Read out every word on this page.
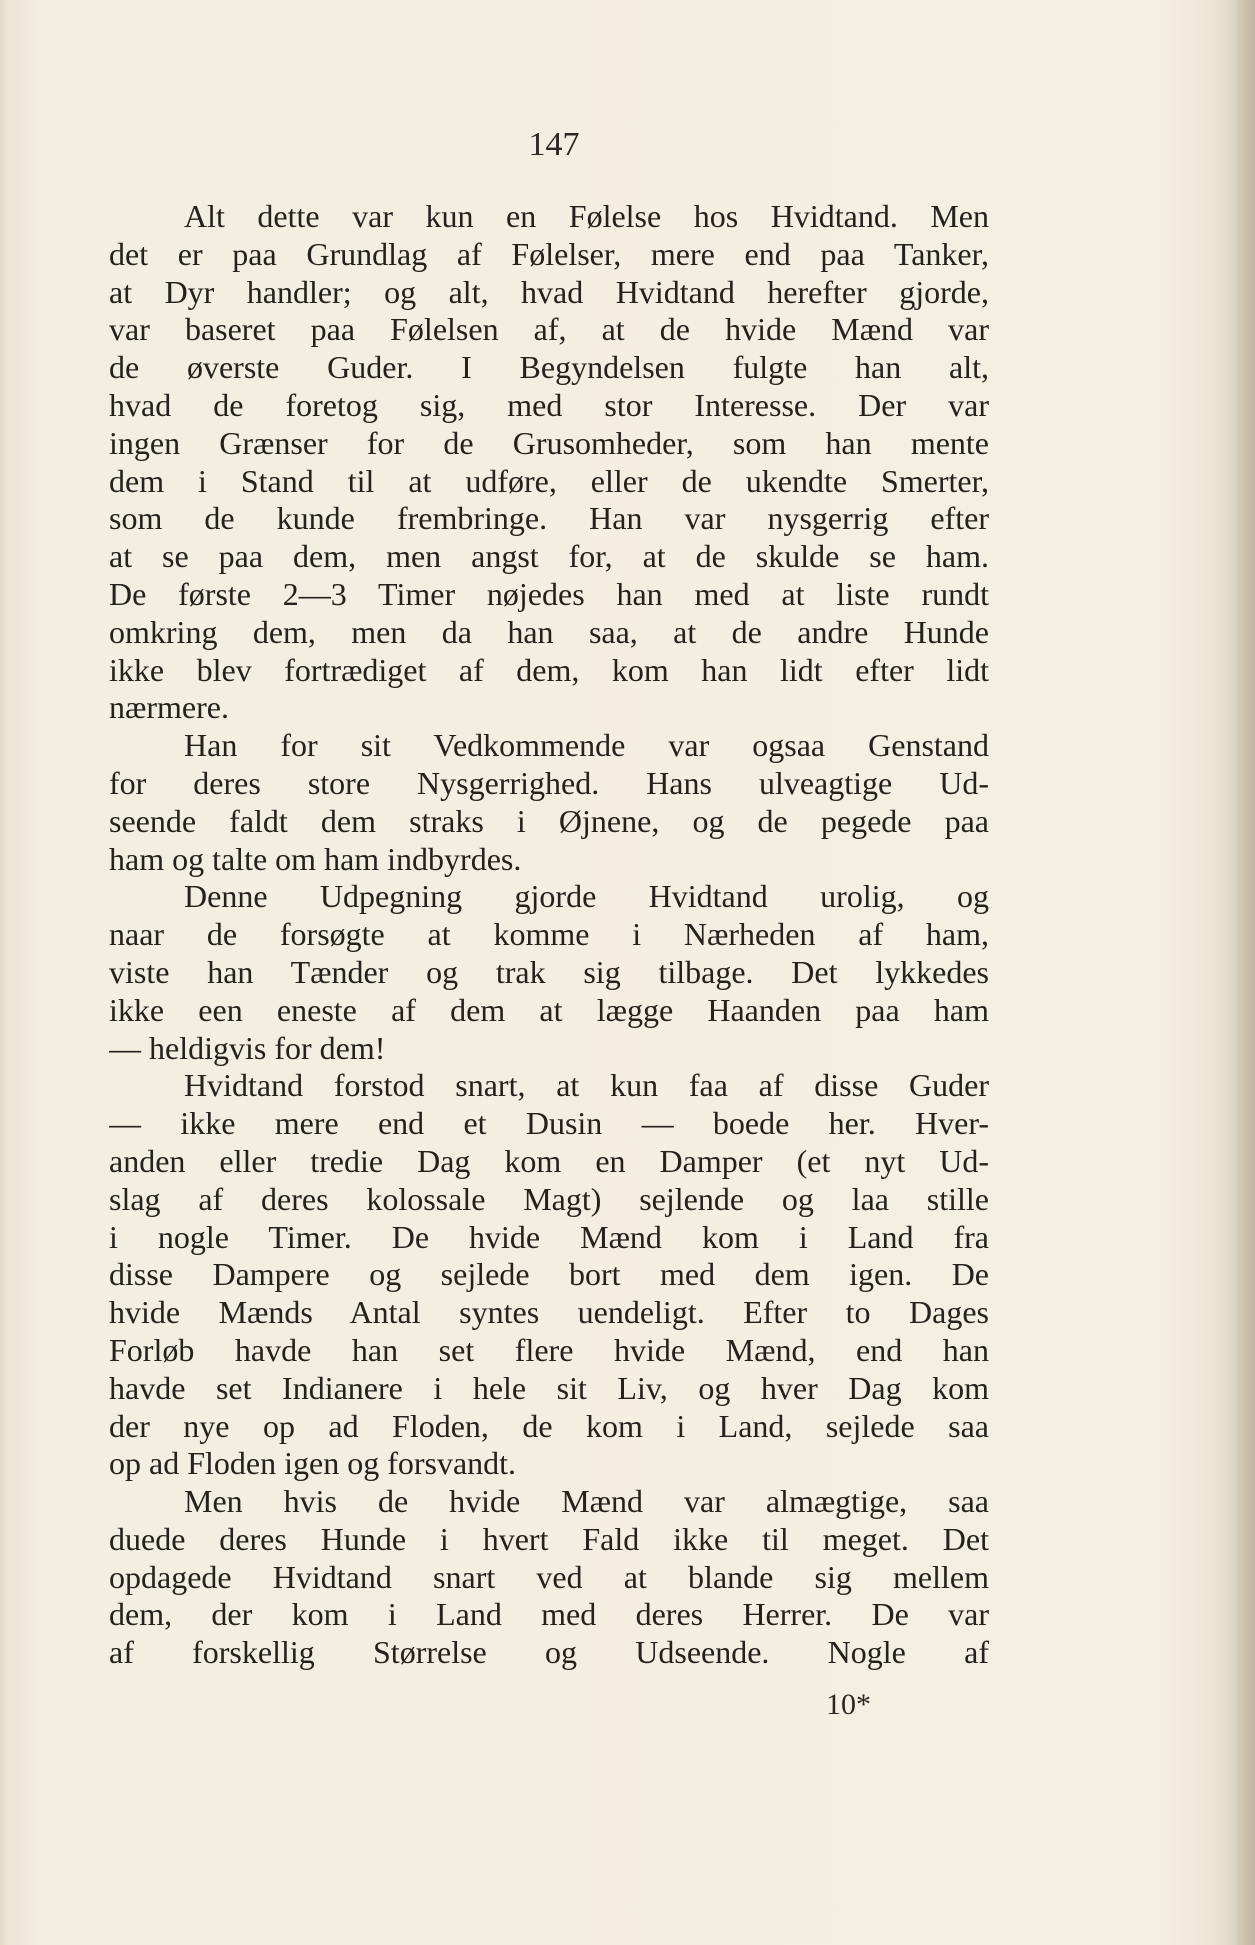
147
Alt dette var kun en Følelse hos Hvidtand. Men
det er paa Grundlag af Følelser, mere end paa Tanker,
at Dyr handler; og alt, hvad Hvidtand herefter gjorde,
var baseret paa Følelsen af, at de hvide Mænd var
de øverste Guder. I Begyndelsen fulgte han alt,
hvad de foretog sig, med stor Interesse. Der var
ingen Grænser for de Grusomheder, som han mente
dem i Stand til at udføre, eller de ukendte Smerter,
som de kunde frembringe. Han var nysgerrig efter
at se paa dem, men angst for, at de skulde se ham.
De første 2—3 Timer nøjedes han med at liste rundt
omkring dem, men da han saa, at de andre Hunde
ikke blev fortrædiget af dem, kom han lidt efter lidt
nærmere.
Han for sit Vedkommende var ogsaa Genstand
for deres store Nysgerrighed. Hans ulveagtige Ud-
seende faldt dem straks i Øjnene, og de pegede paa
ham og talte om ham indbyrdes.
Denne Udpegning gjorde Hvidtand urolig, og
naar de forsøgte at komme i Nærheden af ham,
viste han Tænder og trak sig tilbage. Det lykkedes
ikke een eneste af dem at lægge Haanden paa ham
— heldigvis for dem!
Hvidtand forstod snart, at kun faa af disse Guder
— ikke mere end et Dusin — boede her. Hver-
anden eller tredie Dag kom en Damper (et nyt Ud-
slag af deres kolossale Magt) sejlende og laa stille
i nogle Timer. De hvide Mænd kom i Land fra
disse Dampere og sejlede bort med dem igen. De
hvide Mænds Antal syntes uendeligt. Efter to Dages
Forløb havde han set flere hvide Mænd, end han
havde set Indianere i hele sit Liv, og hver Dag kom
der nye op ad Floden, de kom i Land, sejlede saa
op ad Floden igen og forsvandt.
Men hvis de hvide Mænd var almægtige, saa
duede deres Hunde i hvert Fald ikke til meget. Det
opdagede Hvidtand snart ved at blande sig mellem
dem, der kom i Land med deres Herrer. De var
af forskellig Størrelse og Udseende. Nogle af
10*
